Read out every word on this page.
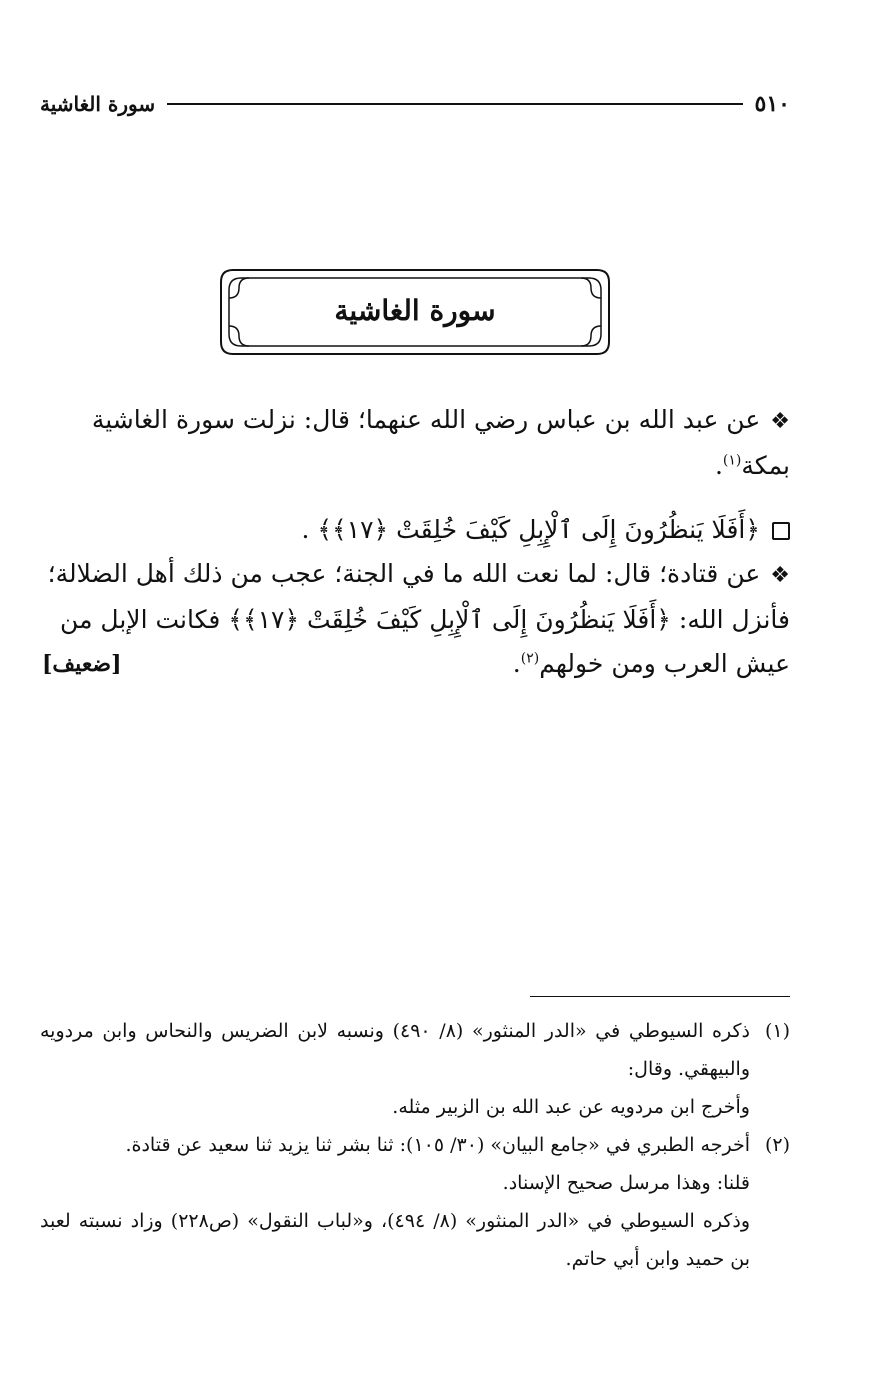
سورة الغاشية	٥١٠
سورة الغاشية

❖عن عبد الله بن عباس رضي الله عنهما؛ قال: نزلت سورة الغاشية بمكة$^{(١)}$.

﴿أَفَلَا يَنظُرُونَ إِلَى ٱلْإِبِلِ كَيْفَ خُلِقَتْ ﴿١٧﴾﴾ .

❖عن قتادة؛ قال: لما نعت الله ما في الجنة؛ عجب من ذلك أهل الضلالة؛ فأنزل الله: ﴿أَفَلَا يَنظُرُونَ إِلَى ٱلْإِبِلِ كَيْفَ خُلِقَتْ ﴿١٧﴾﴾ فكانت الإبل من عيش العرب ومن خولهم$^{(٢)}$.
[ضعيف]

(١)

ذكره السيوطي في «الدر المنثور» (٨/ ٤٩٠) ونسبه لابن الضريس والنحاس وابن مردويه والبيهقي. وقال:

وأخرج ابن مردويه عن عبد الله بن الزبير مثله.

(٢)

أخرجه الطبري في «جامع البيان» (٣٠/ ١٠٥): ثنا بشر ثنا يزيد ثنا سعيد عن قتادة.

قلنا: وهذا مرسل صحيح الإسناد.

وذكره السيوطي في «الدر المنثور» (٨/ ٤٩٤)، و«لباب النقول» (ص٢٢٨) وزاد نسبته لعبد بن حميد وابن أبي حاتم.
